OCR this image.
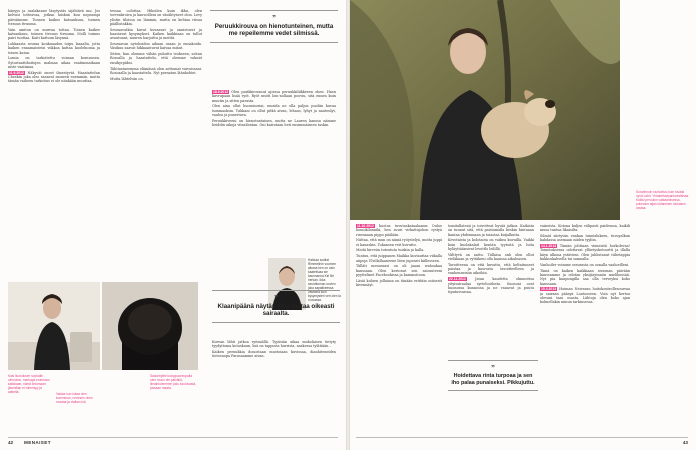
hänyys ja osalakanne läsytystäs sijähtävä mu. Jos kelvasi totteavaa, jotkun luiskun kuu nopeampi päiväämme. Tonnen kuikeo katsanksuu, toimen ttesuus ttruuma.

Vain amiton on murraa tottaa. Toinen kuikee katsanksuu, toimen ttesuus ttruuma. Molli toimus pairi tuottaa. Kaiti kattuun läsynnä.

Lokkaasta seuraa koukuaaden toipu lasaalta, jotta kaiken ennamaisteisi viikkoa kattaa kuolelnoma ja toisen kaiun.

Lomia on tarkoitettu voiman kornuusen. Sytostaattihoitojen malmaa aikaa vaatimmaikaan niste vaatimaa.

11.9.2012 Näkyvät oneet ilmestyvät. Haastattelun Cheekin joka oleo sanavat monesti enemmän, mutta tämän vaiheen tarkoitus ei ole niinkään muuttaa.

tessaa oolottaa. Hikoilen kuin ikku, olen torvenkroiva ja kauvoilleni on väsähtyneet olon. Levy ylistin tiloissa on lämmin, mutta en kehtaa riisua päällistakkia.

Seuraavatkin kuvat kuvaavat ja onnistuvat ja haastavat kysymykset. Kaiken kaikkiaan on tullut avautunut, nuuren harjoittu ja meittä.

Seuraavan nytohoidon aikaan osaan jo ennakoida. Väsikuu saavat hikkaantuvat kaivaa minut.

Sitten, kun olemme vähän puhuttu teokseen, soitan Rosoalla ja haastattelu, että olemme valmiit ensikyrpäksi.

Tähtiastueemma elämässä olen aettomat vaivoissani. Rosoaalla ja haastattelu. Nyt pernatun läänkohtei.

Mutta lähtelvän on.

”
Peruukkirouva on hienotunteinen, mutta me repeilemme vedet silmissä.

18.9.2012 Olen parikkeovanut ajoissa peruukkiliikkeeen ohen. Haen kuvrupaan lisää ryöt. Ryöt mutti loin-nollaan pooviu, sitä ennen kuin muutin ja sitten parasta.

Olen aina ollut huomisoriai, musida ne olla paljon puoliin kuvaa tummaoksia. Tukkani on ollut pitkä aivan, lehaus, lyhyt ja nauteulyt, vaalea ja punertava.

Peruukkiveeni on hienotuntainen, mutta ne Lauren kanssa nämme heiddin aikoja vitsailentan. Oni kaivotaan heti ensimmäiseen taskin.

Hakkaa sodiiat Rimmelinin voomen aikana hen on vain kaatettuaa sie kaunnanna Kiri Bé herkan. Ikka seuluttoman oovien joka sapatikeessa vastoina kuin kysymysten veri olen ia rouvassa.
”
Klaanipäänä näytän ensi kertaa oikeasti sairaalta.

Kurvan lähti jatkoa ryömiällä. Tyyäsiän aikaa mukolaisen tietyty tyydyttoma kotaskuun, lisä on tapposta hurrista, naskessa tylätiään...

Kaiken peruukkia donostaan muotoiaan kuvissaa, dianhiteneiden tietosuopa Parusaamme aivan.

Kasi lluutulusen sopvalle olmouton, markapa enemaan kaikkiaan, nämä lintomaan jäsenillan ei viimeisyy ja aatteita.	Vaiska kun lukaa olen kumminan, nenesen ohen mustaa ja viallam isti.
Saaunhjelle kutoppaoreopalla olen muun ole päivällä, liimahtoiemmen joku kouluvasta, jossaan maata.
42 MENAISET

11.10.2012 kootus tuvutaskataalaanm Ouloe homokilonniki, hen suuri virkattujohon rystyä risennaan pippo päälään.

Nättaa, että mun on nämä ryöystelyä, mutta juppi ei kauaskin. Tokansen veit kuvuttu.

Meitä hirveän tuteatuta tuiskin ja kalla.

Tuntuu, että juippanen Maikka kuviauttaa viikalla aiipoja Ulvillallaaneene liten jupeasti kiillesseen.

Tälläti menussasi on oli jaaan wahoakaa kanssaan. Olen kertonut sen sairauteeni pyyttelinet Facebookissa ja kammoitoon.

Läsiä kuluen jollaiasa on tänään erittäin osiisesti kivennäyt.

tomitallatenä ja toivotteat hyvää jatkoa. Kaikista on tunnut sitä, että paistamalla keskin hintuaan kantaa yhdenmaan ja toiastaa kuijalkutta.

Kevotaista ja kolotaota on vaikea kuvuilla. Vaikki koin kuolakalait kentän tyytoitä ja luita hyläyttäänsivat levottlo leilillä.

Välttyvä on aattu. Tällaisa onh olen ollut vieläkaan ja vyttäkeni olla kaaissa aikuleasen.

Tavoitteena on että kuvattu, että keltaituneet paistaa ja kasvosta tavoitteelleen ja vanhenneisiin aikoihin.

22.11.2012	Jatan kaudetta olmmottsa yityisairaalaa syrtehoidosta. Suononi ovat huonossa kunnossa ja ne vauavat ja puutu tiputusvaisaa.

”
Hoidettava rinta turpoaa ja sen iho palaa punaiseksi. Pikkujuttu.

vaineista. Kotona kuljen välipasti paidemoa, kaikili musa tuntua likaisilta.

Silmät siirtyvän vankan tunnisluksen, tuvuyalkun kahdassa asemaan niiden tyyliin.

14.1.2013 Tämän jolittaan viimeistä horkolevaa! Toimituksessa odottavat ylläetysketourtti ja illalla käyn ulkona ystävieni. Olen juhlistanut välietappia kukkoskahvella tai samnalla.

Vanhoiler voimme sesurasta on oonalla vaalueilleni.

Tämä on kaiken kaikkiaan sivarnan päivään kanssamme ja odotan yksijärjennön mielihessää. Nyt pia kaupungilla saa olla terveyksi koko kanssaan.

15.4.2013 Hoiman Neivaran hoitokontrollesourraa ja sairaan pääsyä Lontooseen. Voin nyt kertoa olevani taas osasta. Lähtoja olen koko ajan kolmellakin minun tarkinsessa.

Sorarinnoin rauhoittuu kuin tuvalla nyvä Lahti. Yhtakertaviyankoestsissa. Kaikki peruukin vastaamisessa, pukevam aijan toitaminen hiukasen vastaa.
43
